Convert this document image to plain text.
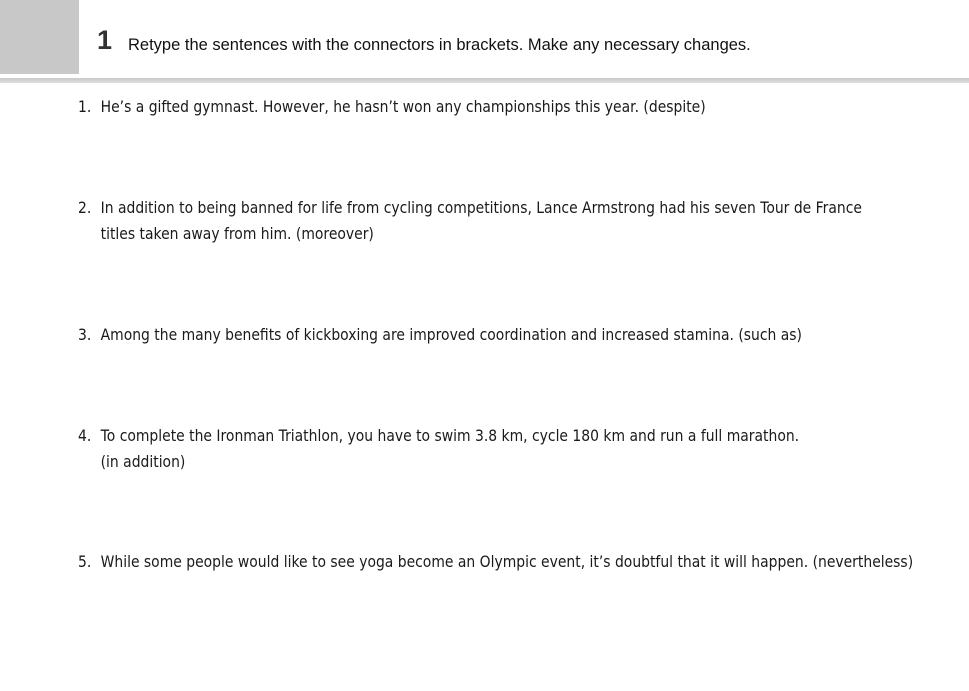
1 Retype the sentences with the connectors in brackets. Make any necessary changes.
1. He’s a gifted gymnast. However, he hasn’t won any championships this year. (despite)
2. In addition to being banned for life from cycling competitions, Lance Armstrong had his seven Tour de France
titles taken away from him. (moreover)
3. Among the many benefits of kickboxing are improved coordination and increased stamina. (such as)
4. To complete the Ironman Triathlon, you have to swim 3.8 km, cycle 180 km and run a full marathon.
(in addition)
5. While some people would like to see yoga become an Olympic event, it’s doubtful that it will happen. (nevertheless)
